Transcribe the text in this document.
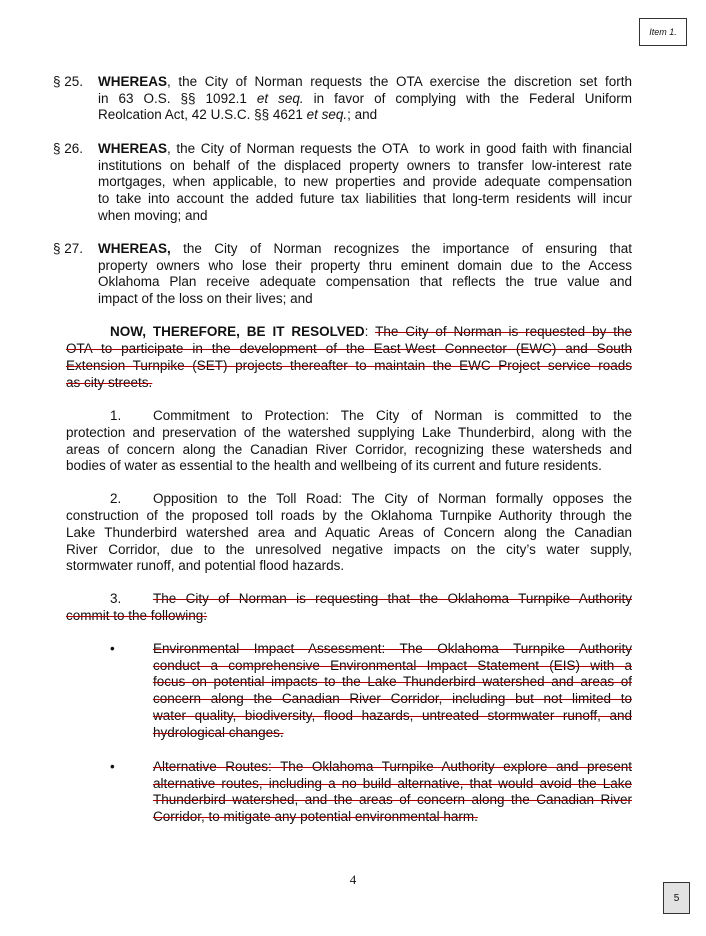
Item 1.
§ 25. WHEREAS, the City of Norman requests the OTA exercise the discretion set forth
in 63 O.S. §§ 1092.1 et seq. in favor of complying with the Federal Uniform
Reolcation Act, 42 U.S.C. §§ 4621 et seq.; and
§ 26. WHEREAS, the City of Norman requests the OTA  to work in good faith with financial
institutions on behalf of the displaced property owners to transfer low-interest rate
mortgages, when applicable, to new properties and provide adequate compensation
to take into account the added future tax liabilities that long-term residents will incur
when moving; and
§ 27. WHEREAS, the City of Norman recognizes the importance of ensuring that
property owners who lose their property thru eminent domain due to the Access
Oklahoma Plan receive adequate compensation that reflects the true value and
impact of the loss on their lives; and
NOW, THEREFORE, BE IT RESOLVED: The City of Norman is requested by the
OTA to participate in the development of the East-West Connector (EWC) and South
Extension Turnpike (SET) projects thereafter to maintain the EWC Project service roads
as city streets.
1. Commitment to Protection: The City of Norman is committed to the
protection and preservation of the watershed supplying Lake Thunderbird, along with the
areas of concern along the Canadian River Corridor, recognizing these watersheds and
bodies of water as essential to the health and wellbeing of its current and future residents.
2. Opposition to the Toll Road: The City of Norman formally opposes the
construction of the proposed toll roads by the Oklahoma Turnpike Authority through the
Lake Thunderbird watershed area and Aquatic Areas of Concern along the Canadian
River Corridor, due to the unresolved negative impacts on the city’s water supply,
stormwater runoff, and potential flood hazards.
3. The City of Norman is requesting that the Oklahoma Turnpike Authority
commit to the following:
•	Environmental Impact Assessment: The Oklahoma Turnpike Authority
conduct a comprehensive Environmental Impact Statement (EIS) with a
focus on potential impacts to the Lake Thunderbird watershed and areas of
concern along the Canadian River Corridor, including but not limited to
water quality, biodiversity, flood hazards, untreated stormwater runoff, and
hydrological changes.
•	Alternative Routes: The Oklahoma Turnpike Authority explore and present
alternative routes, including a no build alternative, that would avoid the Lake
Thunderbird watershed, and the areas of concern along the Canadian River
Corridor, to mitigate any potential environmental harm.
4
5
